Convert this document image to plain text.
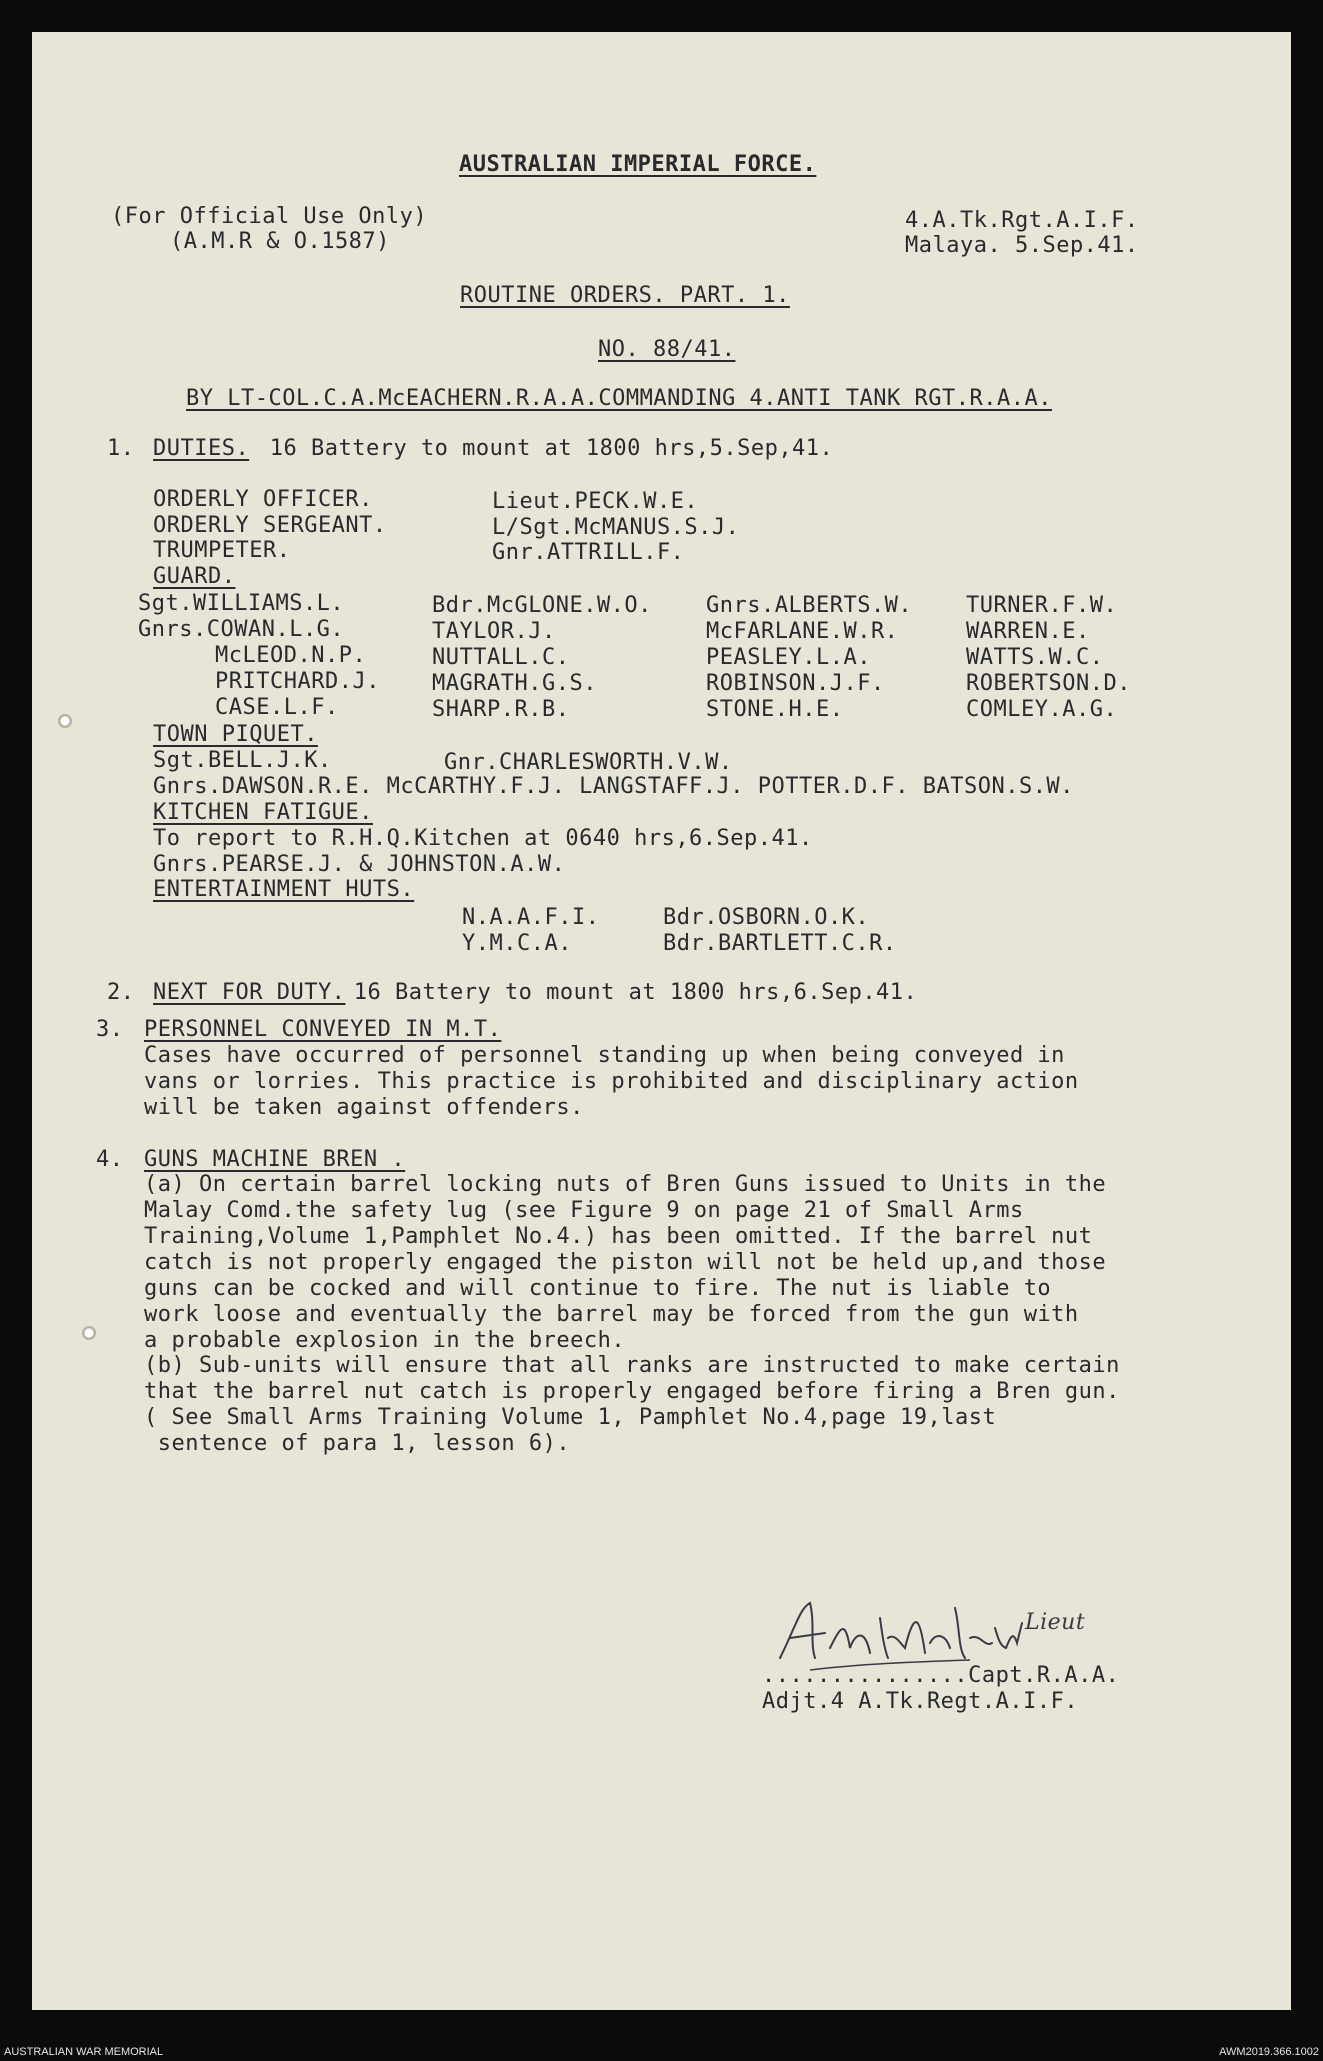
AUSTRALIAN IMPERIAL FORCE.
(For Official Use Only)
(A.M.R & O.1587)
4.A.Tk.Rgt.A.I.F.
Malaya. 5.Sep.41.
ROUTINE ORDERS. PART. 1.
NO. 88/41.
BY LT-COL.C.A.McEACHERN.R.A.A.COMMANDING 4.ANTI TANK RGT.R.A.A.
1. DUTIES. 16 Battery to mount at 1800 hrs,5.Sep,41.
ORDERLY OFFICER.	Lieut.PECK.W.E.
ORDERLY SERGEANT.	L/Sgt.McMANUS.S.J.
TRUMPETER.	Gnr.ATTRILL.F.
GUARD.
Sgt.WILLIAMS.L.	Bdr.McGLONE.W.O. Gnrs.ALBERTS.W. TURNER.F.W.
Gnrs.COWAN.L.G.	TAYLOR.J.	McFARLANE.W.R.	WARREN.E.
McLEOD.N.P.	NUTTALL.C.	PEASLEY.L.A.	WATTS.W.C.
PRITCHARD.J. MAGRATH.G.S.	ROBINSON.J.F.	ROBERTSON.D.
CASE.L.F.	SHARP.R.B.	STONE.H.E.	COMLEY.A.G.
TOWN PIQUET.
Sgt.BELL.J.K.	Gnr.CHARLESWORTH.V.W.
Gnrs.DAWSON.R.E. McCARTHY.F.J. LANGSTAFF.J. POTTER.D.F. BATSON.S.W.
KITCHEN FATIGUE.
To report to R.H.Q.Kitchen at 0640 hrs,6.Sep.41.
Gnrs.PEARSE.J. & JOHNSTON.A.W.
ENTERTAINMENT HUTS.
N.A.A.F.I.	Bdr.OSBORN.O.K.
Y.M.C.A.	Bdr.BARTLETT.C.R.
2. NEXT FOR DUTY.
16 Battery to mount at 1800 hrs,6.Sep.41.
3. PERSONNEL CONVEYED IN M.T.
Cases have occurred of personnel standing up when being conveyed in
vans or lorries. This practice is prohibited and disciplinary action
will be taken against offenders.
4. GUNS MACHINE BREN .
(a) On certain barrel locking nuts of Bren Guns issued to Units in the
Malay Comd.the safety lug (see Figure 9 on page 21 of Small Arms
Training,Volume 1,Pamphlet No.4.) has been omitted. If the barrel nut
catch is not properly engaged the piston will not be held up,and those
guns can be cocked and will continue to fire. The nut is liable to
work loose and eventually the barrel may be forced from the gun with
a probable explosion in the breech.
(b) Sub-units will ensure that all ranks are instructed to make certain
that the barrel nut catch is properly engaged before firing a Bren gun.
( See Small Arms Training Volume 1, Pamphlet No.4,page 19,last
sentence of para 1, lesson 6).
Lieut
...............Capt.R.A.A.
Adjt.4 A.Tk.Regt.A.I.F.
AUSTRALIAN WAR MEMORIAL	AWM2019.366.1002
